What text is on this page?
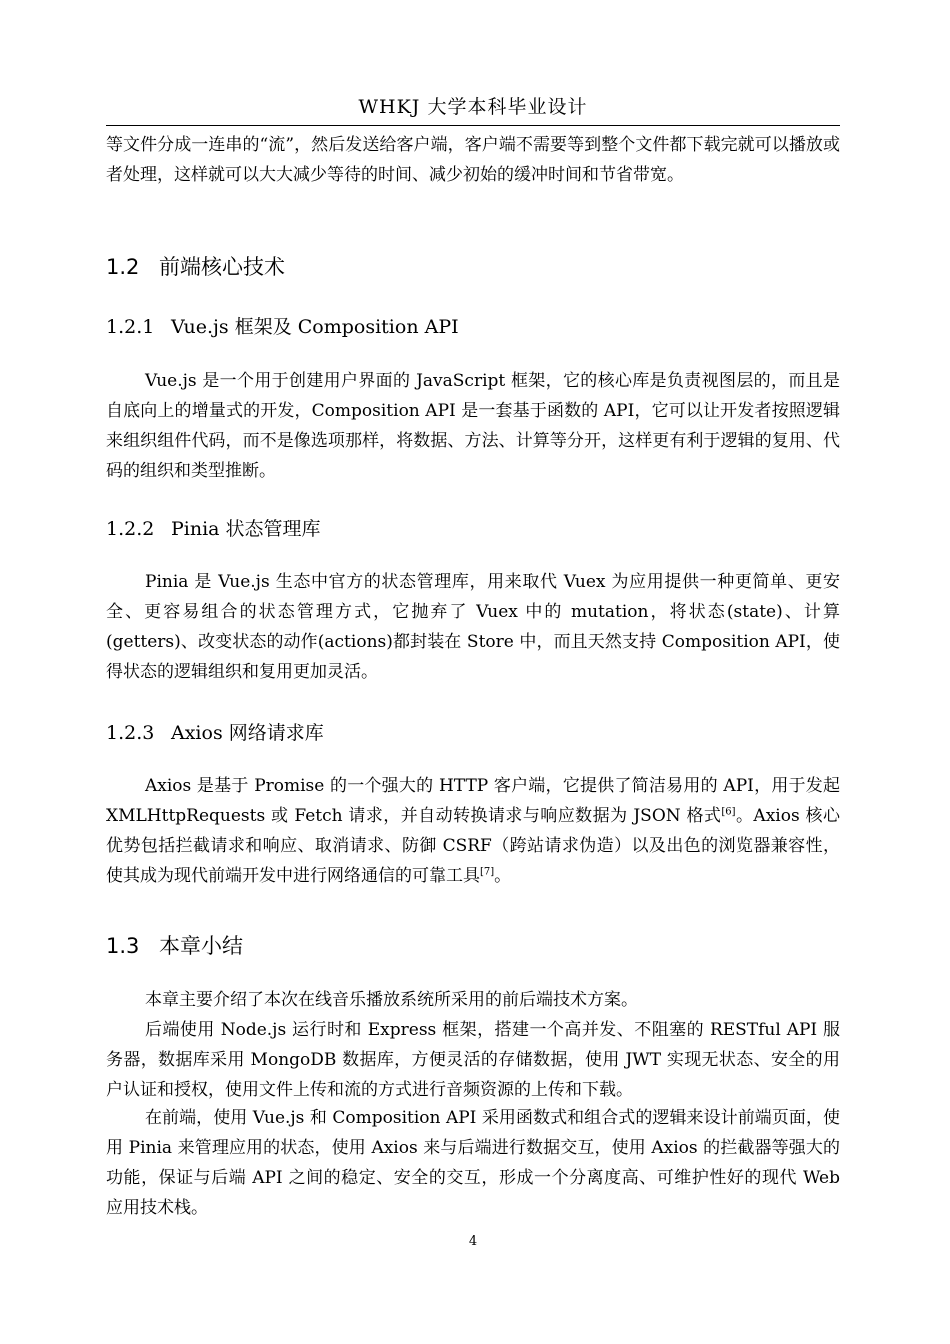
WHKJ 大学本科毕业设计

等文件分成一连串的“流”，然后发送给客户端，客户端不需要等到整个文件都下载完就可以播放或者处理，这样就可以大大减少等待的时间、减少初始的缓冲时间和节省带宽。

1.2 前端核心技术
1.2.1 Vue.js 框架及 Composition API

Vue.js 是一个用于创建用户界面的 JavaScript 框架，它的核心库是负责视图层的，而且是自底向上的增量式的开发，Composition API 是一套基于函数的 API，它可以让开发者按照逻辑来组织组件代码，而不是像选项那样，将数据、方法、计算等分开，这样更有利于逻辑的复用、代码的组织和类型推断。

1.2.2 Pinia 状态管理库

Pinia 是 Vue.js 生态中官方的状态管理库，用来取代 Vuex 为应用提供一种更简单、更安全、更容易组合的状态管理方式，它抛弃了 Vuex 中的 mutation，将状态(state)、计算(getters)、改变状态的动作(actions)都封装在 Store 中，而且天然支持 Composition API，使得状态的逻辑组织和复用更加灵活。

1.2.3 Axios 网络请求库

Axios 是基于 Promise 的一个强大的 HTTP 客户端，它提供了简洁易用的 API，用于发起 XMLHttpRequests 或 Fetch 请求，并自动转换请求与响应数据为 JSON 格式[6]。Axios 核心优势包括拦截请求和响应、取消请求、防御 CSRF（跨站请求伪造）以及出色的浏览器兼容性，使其成为现代前端开发中进行网络通信的可靠工具[7]。

1.3 本章小结

本章主要介绍了本次在线音乐播放系统所采用的前后端技术方案。

后端使用 Node.js 运行时和 Express 框架，搭建一个高并发、不阻塞的 RESTful API 服务器，数据库采用 MongoDB 数据库，方便灵活的存储数据，使用 JWT 实现无状态、安全的用户认证和授权，使用文件上传和流的方式进行音频资源的上传和下载。

在前端，使用 Vue.js 和 Composition API 采用函数式和组合式的逻辑来设计前端页面，使用 Pinia 来管理应用的状态，使用 Axios 来与后端进行数据交互，使用 Axios 的拦截器等强大的功能，保证与后端 API 之间的稳定、安全的交互，形成一个分离度高、可维护性好的现代 Web 应用技术栈。

4
